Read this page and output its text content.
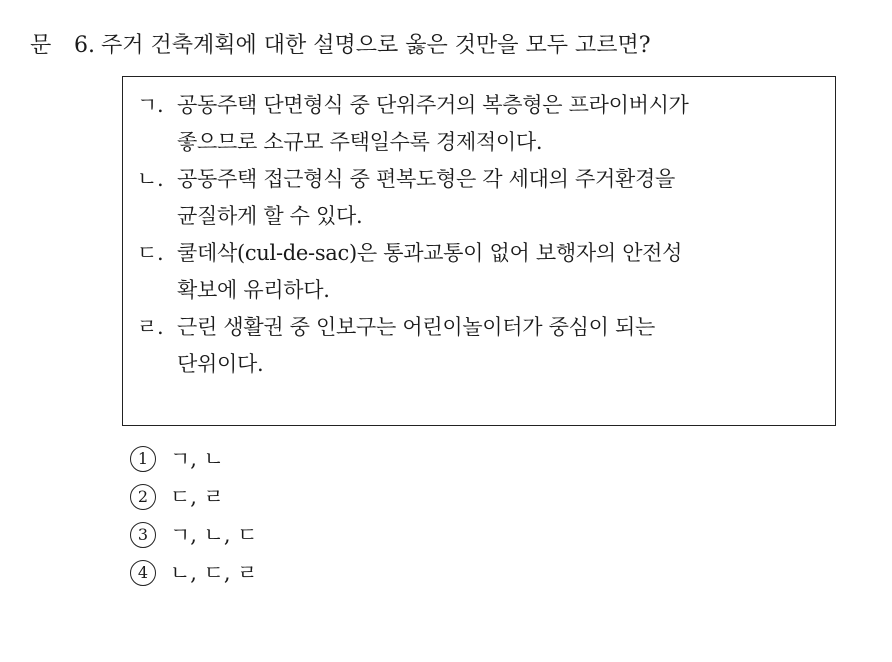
문 6. 주거 건축계획에 대한 설명으로 옳은 것만을 모두 고르면?
ㄱ. 공동주택 단면형식 중 단위주거의 복층형은 프라이버시가
좋으므로 소규모 주택일수록 경제적이다.
ㄴ. 공동주택 접근형식 중 편복도형은 각 세대의 주거환경을
균질하게 할 수 있다.
ㄷ. 쿨데삭(cul-de-sac)은 통과교통이 없어 보행자의 안전성
확보에 유리하다.
ㄹ. 근린 생활권 중 인보구는 어린이놀이터가 중심이 되는
단위이다.
1 ㄱ, ㄴ
2 ㄷ, ㄹ
3 ㄱ, ㄴ, ㄷ
4 ㄴ, ㄷ, ㄹ
